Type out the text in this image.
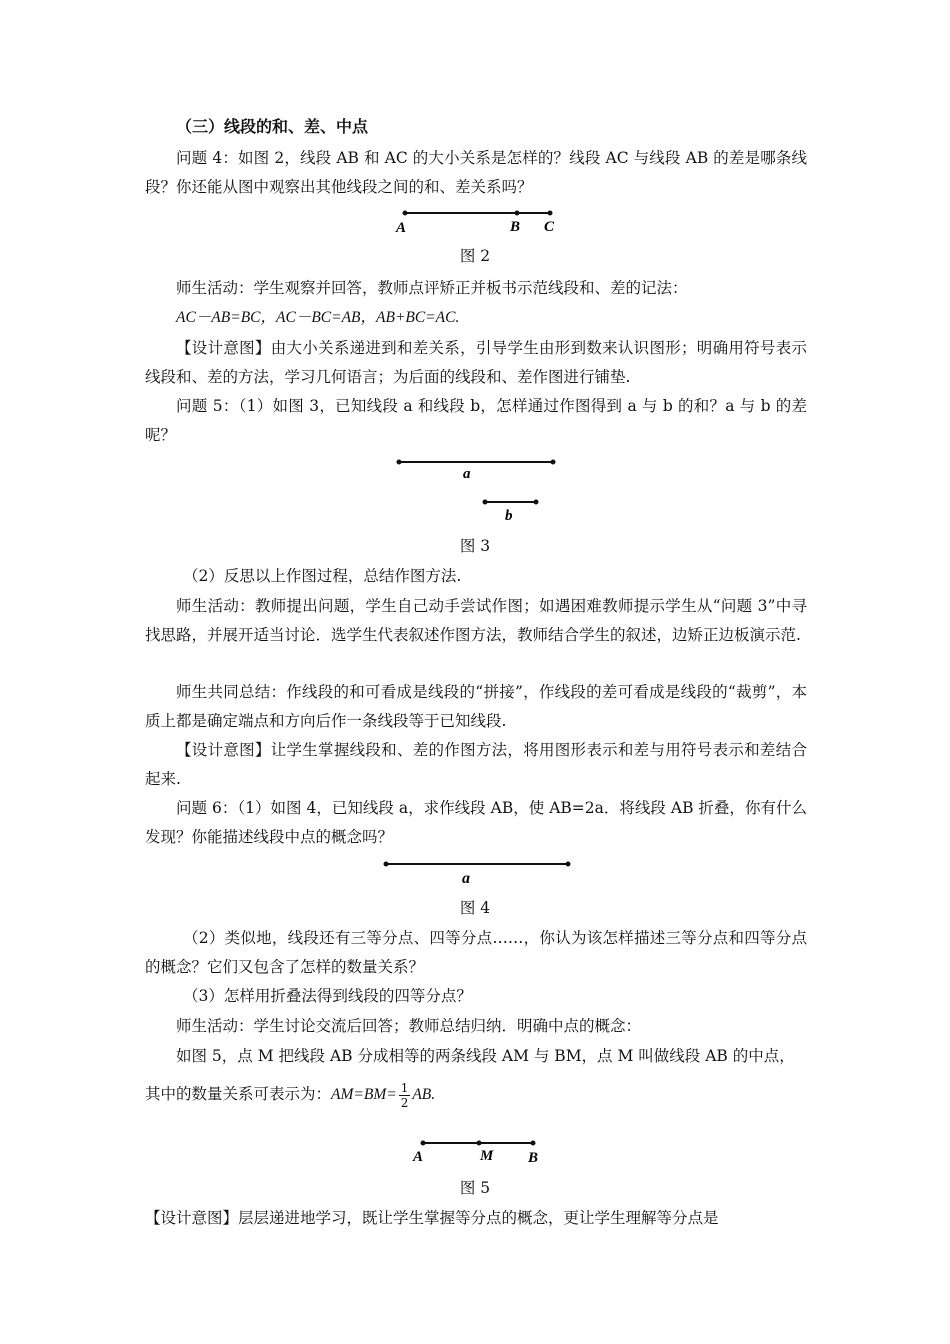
（三）线段的和、差、中点

问题 4：如图 2，线段 AB 和 AC 的大小关系是怎样的？线段 AC 与线段 AB 的差是哪条线段？你还能从图中观察出其他线段之间的和、差关系吗？

A	B C
图 2

师生活动：学生观察并回答，教师点评矫正并板书示范线段和、差的记法：

AC－AB=BC，AC－BC=AB，AB+BC=AC.

【设计意图】由大小关系递进到和差关系，引导学生由形到数来认识图形；明确用符号表示线段和、差的方法，学习几何语言；为后面的线段和、差作图进行铺垫.

问题 5：（1）如图 3，已知线段 a 和线段 b，怎样通过作图得到 a 与 b 的和？a 与 b 的差呢？

a
b
图 3

（2）反思以上作图过程，总结作图方法.

师生活动：教师提出问题，学生自己动手尝试作图；如遇困难教师提示学生从“问题 3”中寻找思路，并展开适当讨论．选学生代表叙述作图方法，教师结合学生的叙述，边矫正边板演示范.

师生共同总结：作线段的和可看成是线段的“拼接”，作线段的差可看成是线段的“裁剪”，本质上都是确定端点和方向后作一条线段等于已知线段.

【设计意图】让学生掌握线段和、差的作图方法，将用图形表示和差与用符号表示和差结合起来.

问题 6：（1）如图 4，已知线段 a，求作线段 AB，使 AB=2a．将线段 AB 折叠，你有什么发现？你能描述线段中点的概念吗？

a
图 4

（2）类似地，线段还有三等分点、四等分点……，你认为该怎样描述三等分点和四等分点的概念？它们又包含了怎样的数量关系？

（3）怎样用折叠法得到线段的四等分点？

师生活动：学生讨论交流后回答；教师总结归纳．明确中点的概念：

如图 5，点 M 把线段 AB 分成相等的两条线段 AM 与 BM，点 M 叫做线段 AB 的中点，

其中的数量关系可表示为：$AM=BM= \frac{1}{2}$ AB.
A	M B
图 5

【设计意图】层层递进地学习，既让学生掌握等分点的概念，更让学生理解等分点是
